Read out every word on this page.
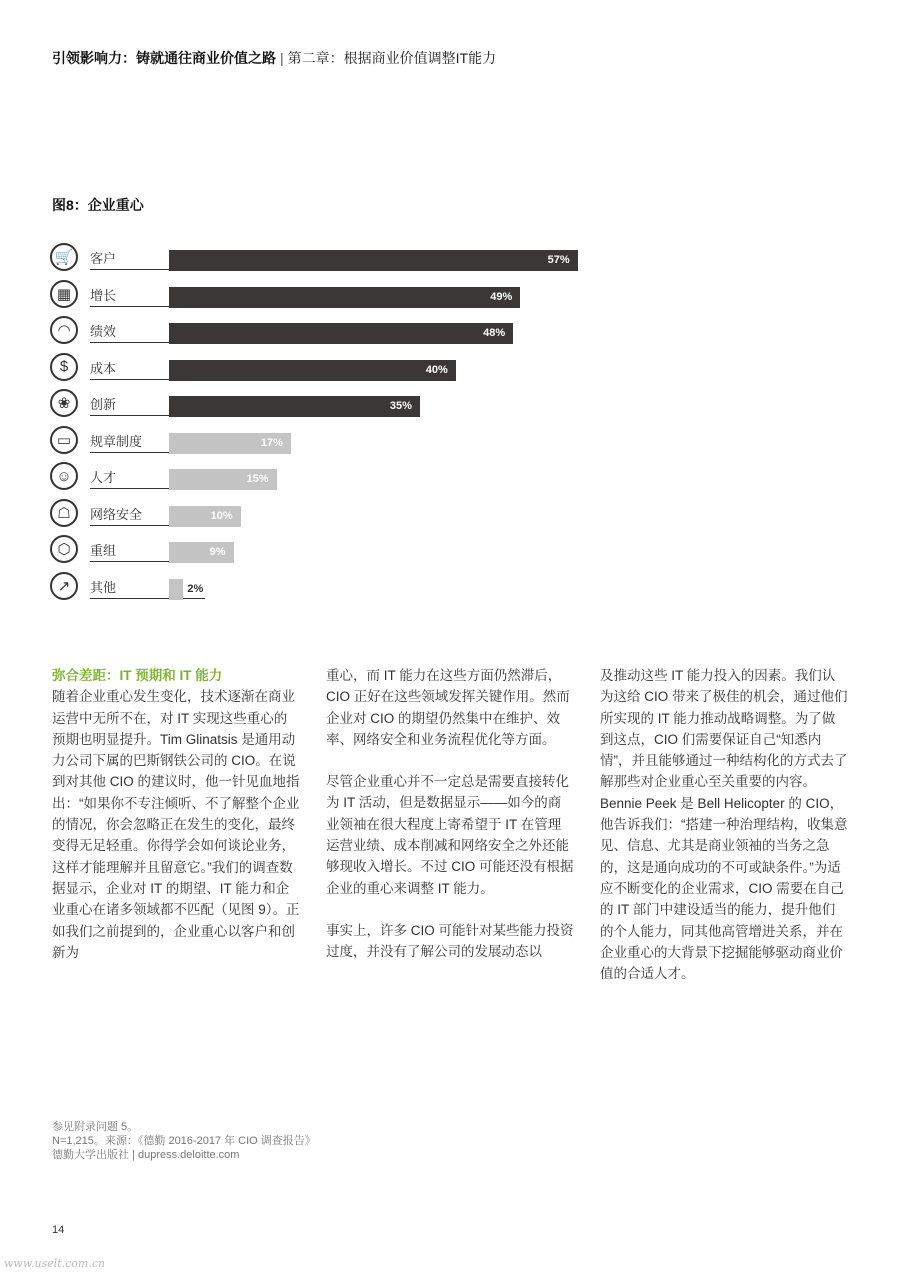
引领影响力：铸就通往商业价值之路 | 第二章：根据商业价值调整IT能力
图8：企业重心
🛒	客户	57%
▦	增长	49%
◠	绩效	48%
$	成本	40%
❀	创新	35%
▭	规章制度	17%
☺	人才	15%
☖	网络安全	10%
⬡	重组	9%
↗	其他	2%
弥合差距：IT 预期和 IT 能力

随着企业重心发生变化，技术逐渐在商业运营中无所不在，对 IT 实现这些重心的预期也明显提升。Tim Glinatsis 是通用动力公司下属的巴斯钢铁公司的 CIO。在说到对其他 CIO 的建议时，他一针见血地指出：“如果你不专注倾听、不了解整个企业的情况，你会忽略正在发生的变化，最终变得无足轻重。你得学会如何谈论业务，这样才能理解并且留意它。”我们的调查数据显示，企业对 IT 的期望、IT 能力和企业重心在诸多领域都不匹配（见图 9）。正如我们之前提到的，企业重心以客户和创新为

重心，而 IT 能力在这些方面仍然滞后，CIO 正好在这些领域发挥关键作用。然而企业对 CIO 的期望仍然集中在维护、效率、网络安全和业务流程优化等方面。

尽管企业重心并不一定总是需要直接转化为 IT 活动，但是数据显示——如今的商业领袖在很大程度上寄希望于 IT 在管理运营业绩、成本削减和网络安全之外还能够现收入增长。不过 CIO 可能还没有根据企业的重心来调整 IT 能力。

事实上，许多 CIO 可能针对某些能力投资过度，并没有了解公司的发展动态以

及推动这些 IT 能力投入的因素。我们认为这给 CIO 带来了极佳的机会，通过他们所实现的 IT 能力推动战略调整。为了做到这点，CIO 们需要保证自己“知悉内情”，并且能够通过一种结构化的方式去了解那些对企业重心至关重要的内容。Bennie Peek 是 Bell Helicopter 的 CIO，他告诉我们：“搭建一种治理结构，收集意见、信息、尤其是商业领袖的当务之急的，这是通向成功的不可或缺条件。”为适应不断变化的企业需求，CIO 需要在自己的 IT 部门中建设适当的能力，提升他们的个人能力，同其他高管增进关系，并在企业重心的大背景下挖掘能够驱动商业价值的合适人才。

参见附录问题 5。
N=1,215。来源：《德勤 2016-2017 年 CIO 调查报告》
德勤大学出版社 | dupress.deloitte.com
14
www.uselt.com.cn
